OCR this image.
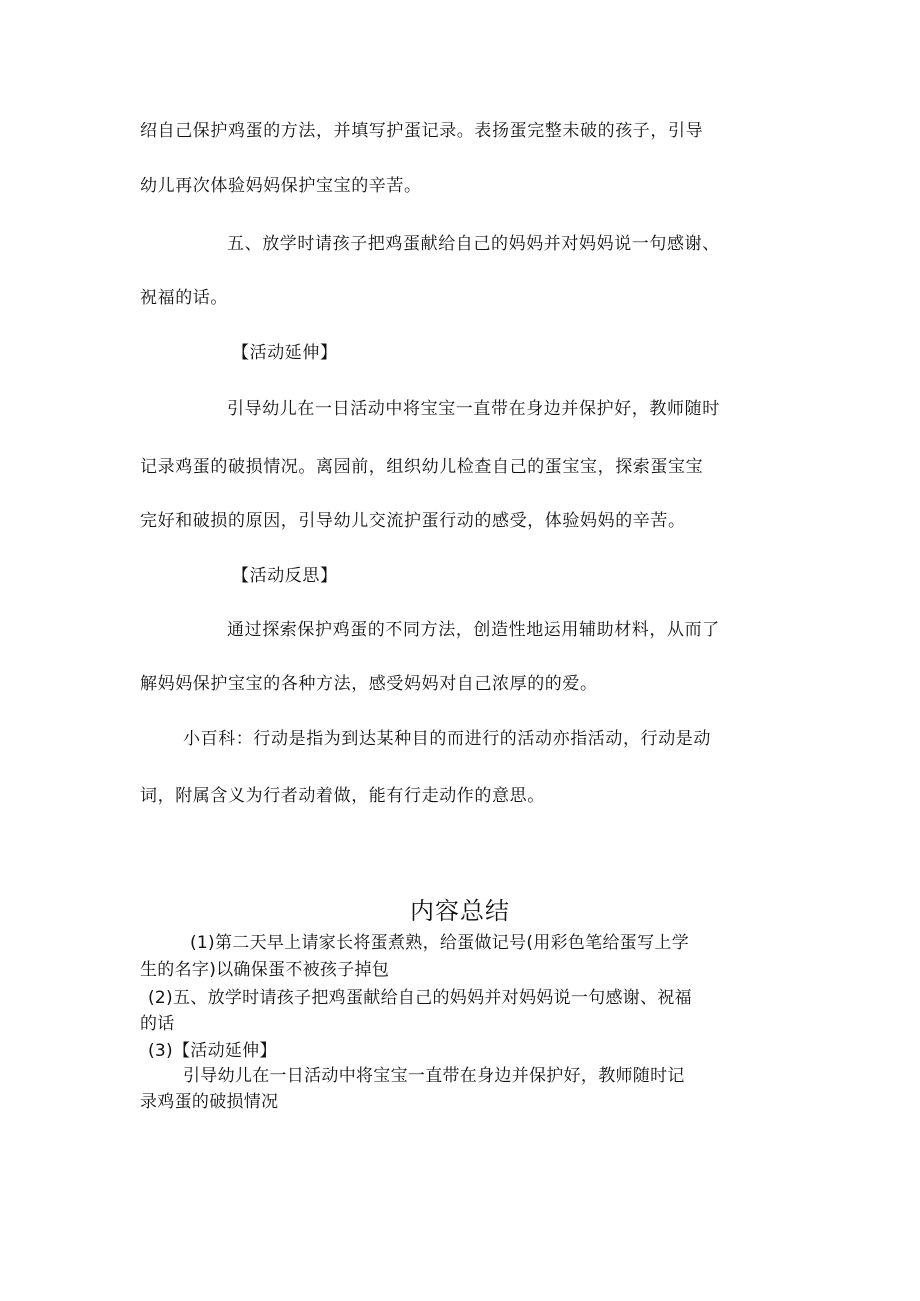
绍自己保护鸡蛋的方法，并填写护蛋记录。表扬蛋完整未破的孩子，引导
幼儿再次体验妈妈保护宝宝的辛苦。
五、放学时请孩子把鸡蛋献给自己的妈妈并对妈妈说一句感谢、
祝福的话。
【活动延伸】
引导幼儿在一日活动中将宝宝一直带在身边并保护好，教师随时
记录鸡蛋的破损情况。离园前，组织幼儿检查自己的蛋宝宝，探索蛋宝宝
完好和破损的原因，引导幼儿交流护蛋行动的感受，体验妈妈的辛苦。
【活动反思】
通过探索保护鸡蛋的不同方法，创造性地运用辅助材料，从而了
解妈妈保护宝宝的各种方法，感受妈妈对自己浓厚的的爱。
小百科：行动是指为到达某种目的而进行的活动亦指活动，行动是动
词，附属含义为行者动着做，能有行走动作的意思。
内容总结
(1)第二天早上请家长将蛋煮熟，给蛋做记号(用彩色笔给蛋写上学
生的名字)以确保蛋不被孩子掉包
(2)五、放学时请孩子把鸡蛋献给自己的妈妈并对妈妈说一句感谢、祝福
的话
(3)【活动延伸】
引导幼儿在一日活动中将宝宝一直带在身边并保护好，教师随时记
录鸡蛋的破损情况
